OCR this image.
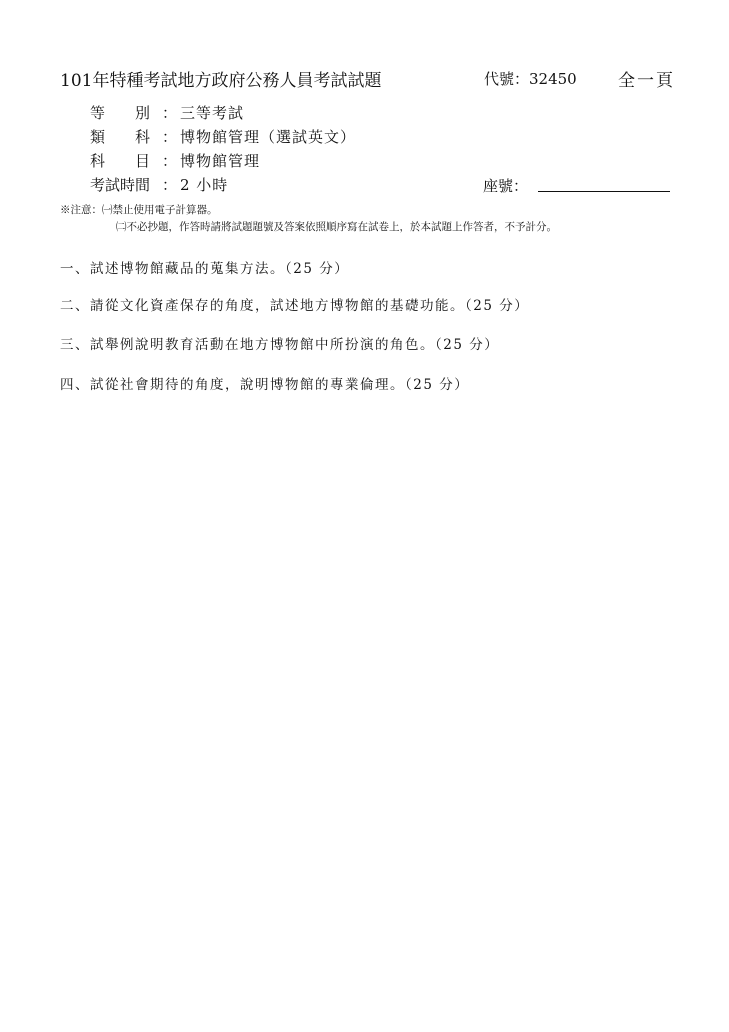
101年特種考試地方政府公務人員考試試題	代號：32450 全一頁
等　　別 ： 三等考試
類　　科 ： 博物館管理（選試英文）
科　　目 ： 博物館管理
考試時間 ： 2 小時	座號：
※注意：㈠禁止使用電子計算器。
㈡不必抄題，作答時請將試題題號及答案依照順序寫在試卷上，於本試題上作答者，不予計分。
一、試述博物館藏品的蒐集方法。（25 分）
二、請從文化資產保存的角度，試述地方博物館的基礎功能。（25 分）
三、試舉例說明教育活動在地方博物館中所扮演的角色。（25 分）
四、試從社會期待的角度，說明博物館的專業倫理。（25 分）
